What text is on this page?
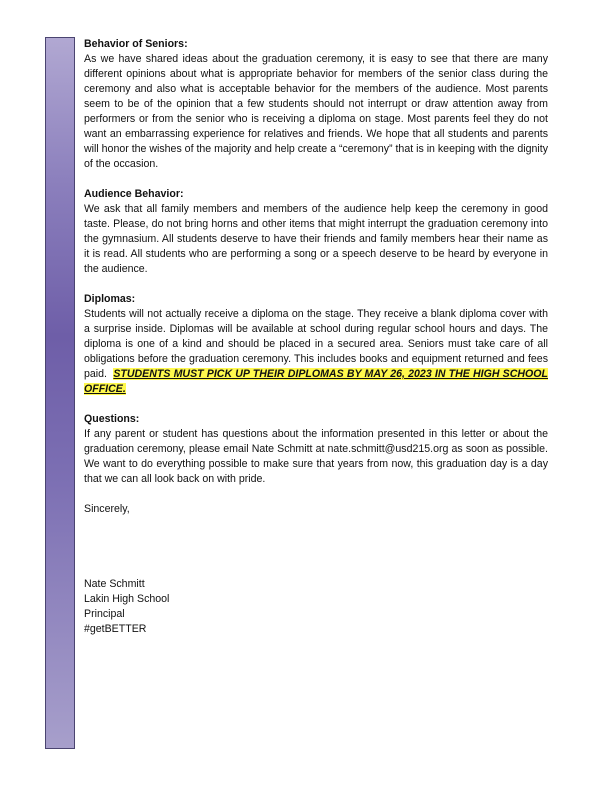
Behavior of Seniors:
As we have shared ideas about the graduation ceremony, it is easy to see that there are many different opinions about what is appropriate behavior for members of the senior class during the ceremony and also what is acceptable behavior for the members of the audience. Most parents seem to be of the opinion that a few students should not interrupt or draw attention away from performers or from the senior who is receiving a diploma on stage. Most parents feel they do not want an embarrassing experience for relatives and friends. We hope that all students and parents will honor the wishes of the majority and help create a “ceremony” that is in keeping with the dignity of the occasion.
Audience Behavior:
We ask that all family members and members of the audience help keep the ceremony in good taste. Please, do not bring horns and other items that might interrupt the graduation ceremony into the gymnasium. All students deserve to have their friends and family members hear their name as it is read. All students who are performing a song or a speech deserve to be heard by everyone in the audience.
Diplomas:
Students will not actually receive a diploma on the stage. They receive a blank diploma cover with a surprise inside. Diplomas will be available at school during regular school hours and days. The diploma is one of a kind and should be placed in a secured area. Seniors must take care of all obligations before the graduation ceremony. This includes books and equipment returned and fees paid. STUDENTS MUST PICK UP THEIR DIPLOMAS BY MAY 26, 2023 IN THE HIGH SCHOOL OFFICE.
Questions:
If any parent or student has questions about the information presented in this letter or about the graduation ceremony, please email Nate Schmitt at nate.schmitt@usd215.org as soon as possible. We want to do everything possible to make sure that years from now, this graduation day is a day that we can all look back on with pride.
Sincerely,
Nate Schmitt
Lakin High School
Principal
#getBETTER
